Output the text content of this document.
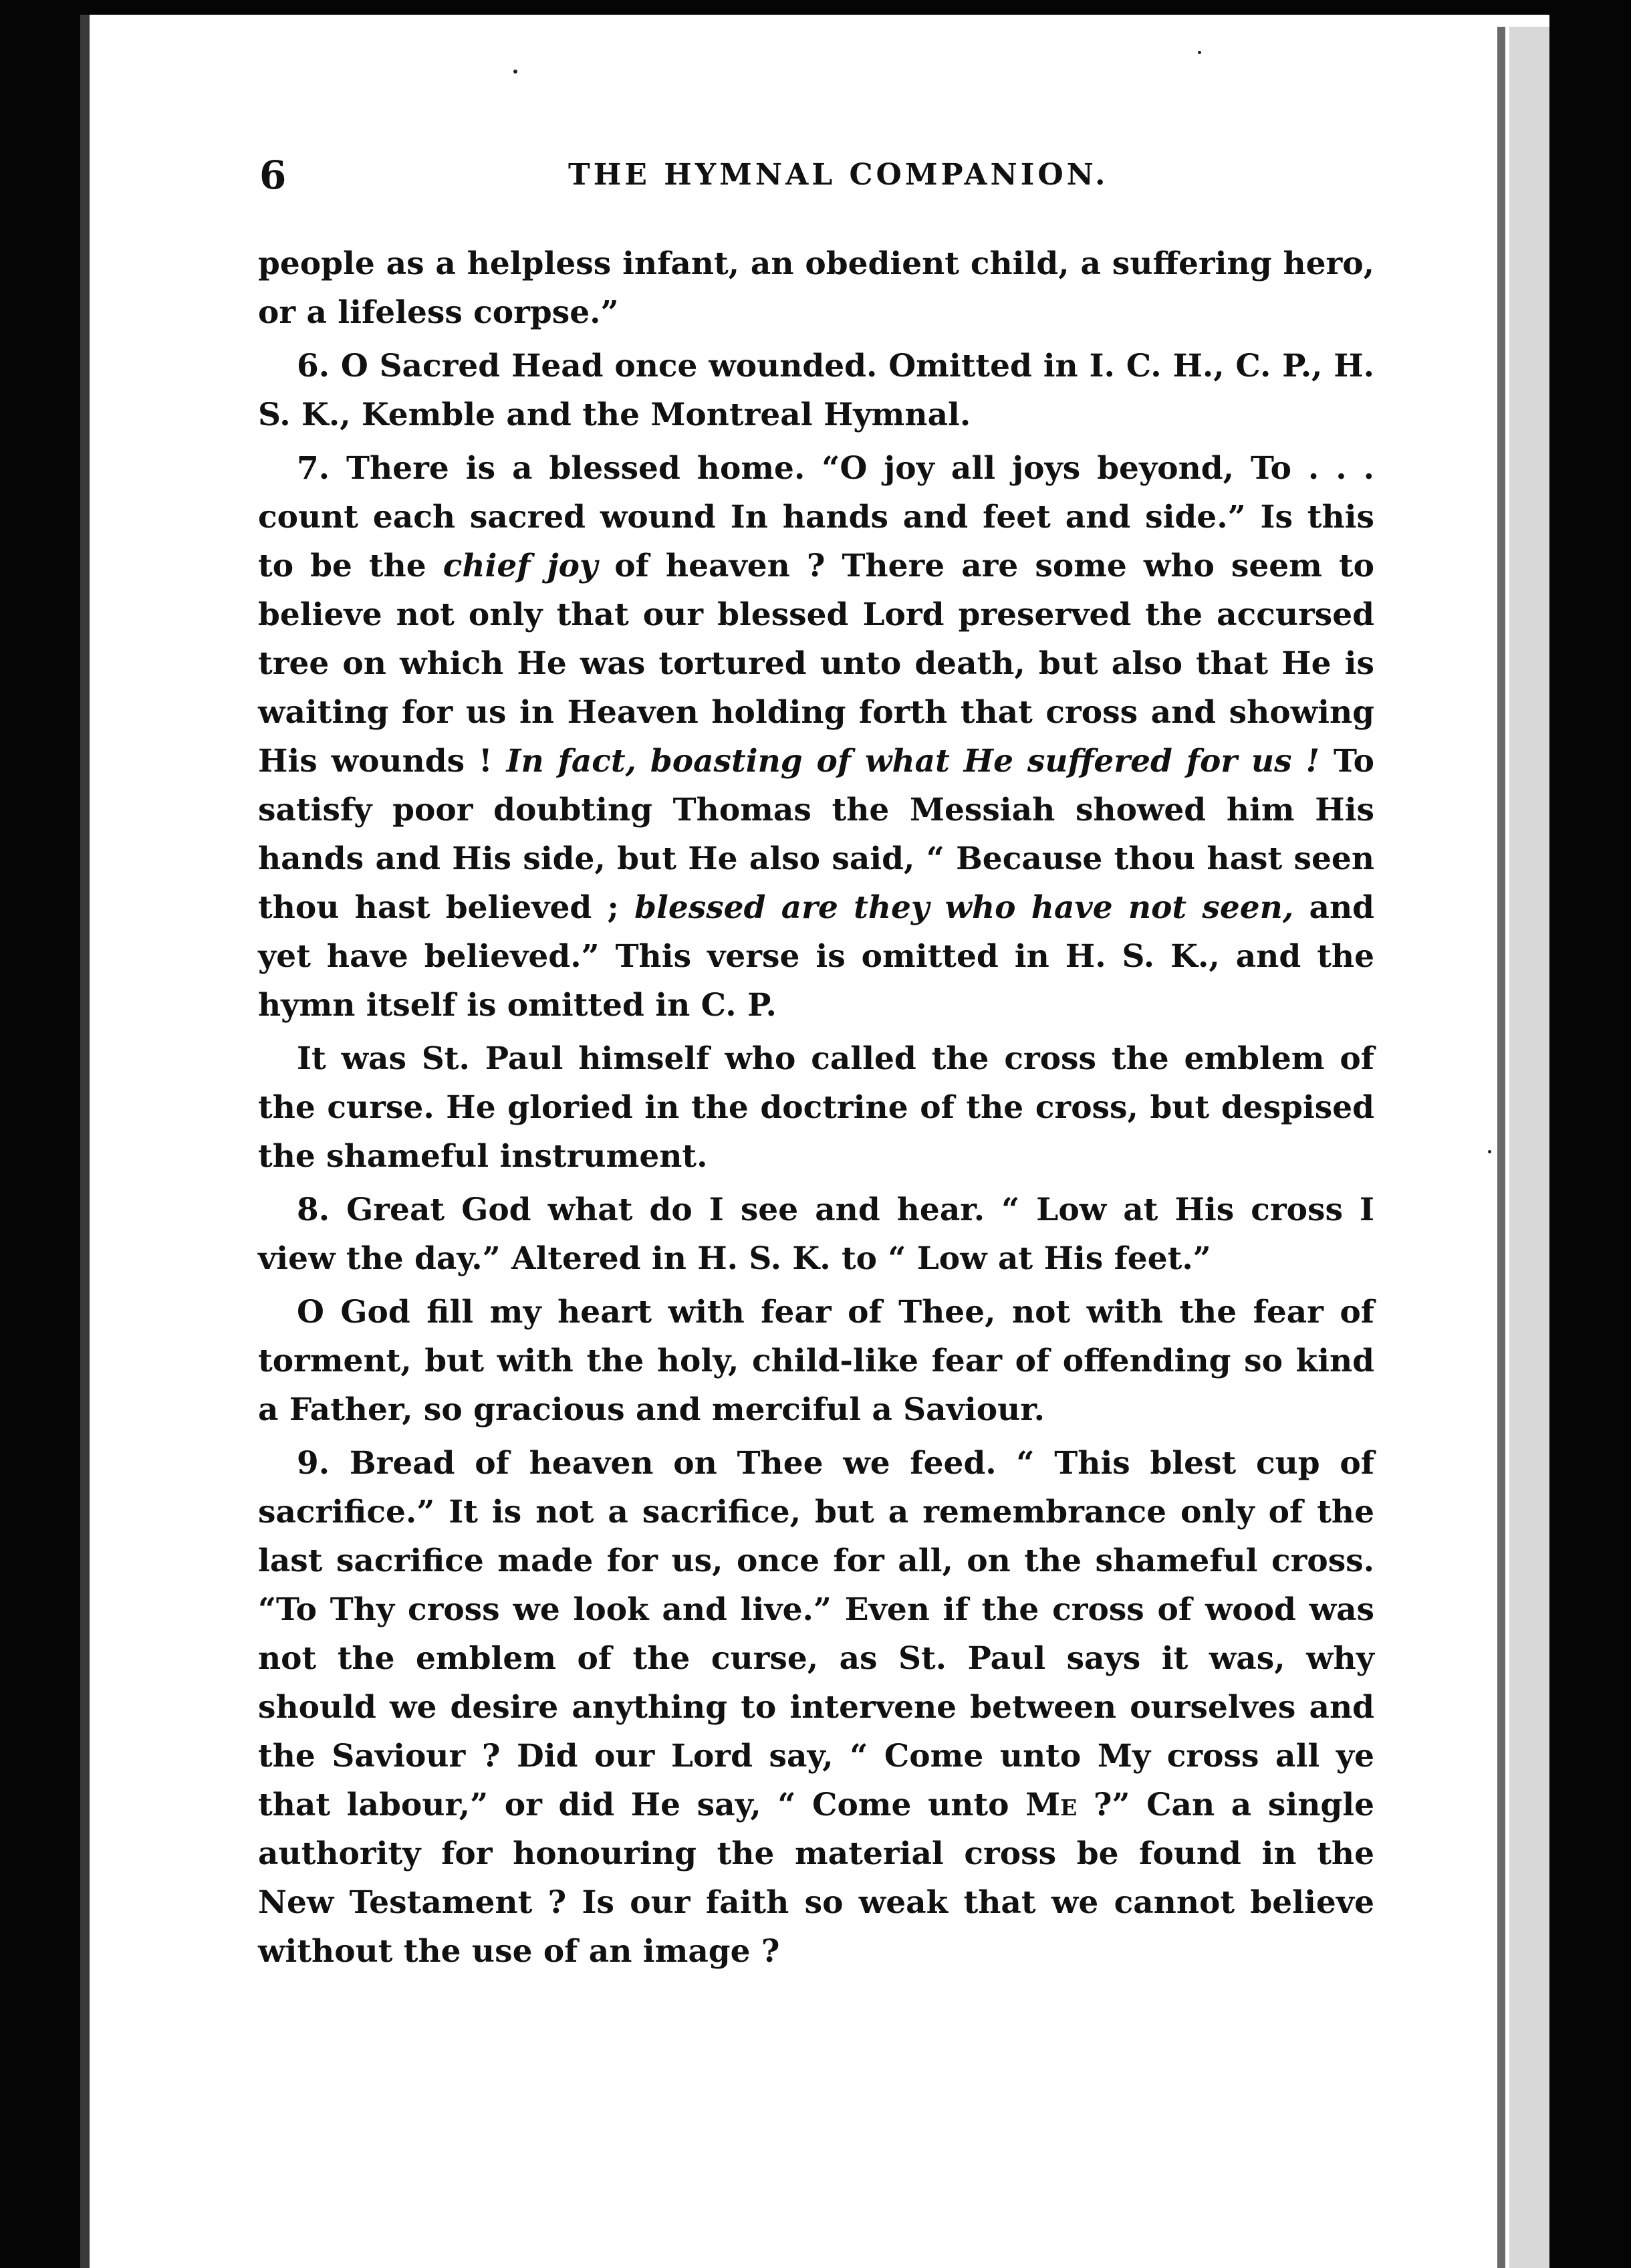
6	THE HYMNAL COMPANION.

people as a helpless infant, an obedient child, a suffering hero, or a lifeless corpse.”

6. O Sacred Head once wounded. Omitted in I. C. H., C. P., H. S. K., Kemble and the Montreal Hymnal.

7. There is a blessed home. “O joy all joys beyond, To . . . count each sacred wound In hands and feet and side.” Is this to be the chief joy of heaven ? There are some who seem to believe not only that our blessed Lord preserved the accursed tree on which He was tortured unto death, but also that He is waiting for us in Heaven holding forth that cross and showing His wounds ! In fact, boasting of what He suffered for us ! To satisfy poor doubting Thomas the Messiah showed him His hands and His side, but He also said, “ Because thou hast seen thou hast believed ; blessed are they who have not seen, and yet have believed.” This verse is omitted in H. S. K., and the hymn itself is omitted in C. P.

It was St. Paul himself who called the cross the emblem of the curse. He gloried in the doctrine of the cross, but despised the shameful instrument.

8. Great God what do I see and hear. “ Low at His cross I view the day.” Altered in H. S. K. to “ Low at His feet.”

O God fill my heart with fear of Thee, not with the fear of torment, but with the holy, child-like fear of offending so kind a Father, so gracious and merciful a Saviour.

9. Bread of heaven on Thee we feed. “ This blest cup of sacrifice.” It is not a sacrifice, but a remembrance only of the last sacrifice made for us, once for all, on the shameful cross. “To Thy cross we look and live.” Even if the cross of wood was not the emblem of the curse, as St. Paul says it was, why should we desire anything to intervene between ourselves and the Saviour ? Did our Lord say, “ Come unto My cross all ye that labour,” or did He say, “ Come unto Me ?” Can a single authority for honouring the material cross be found in the New Testament ? Is our faith so weak that we cannot believe without the use of an image ?
